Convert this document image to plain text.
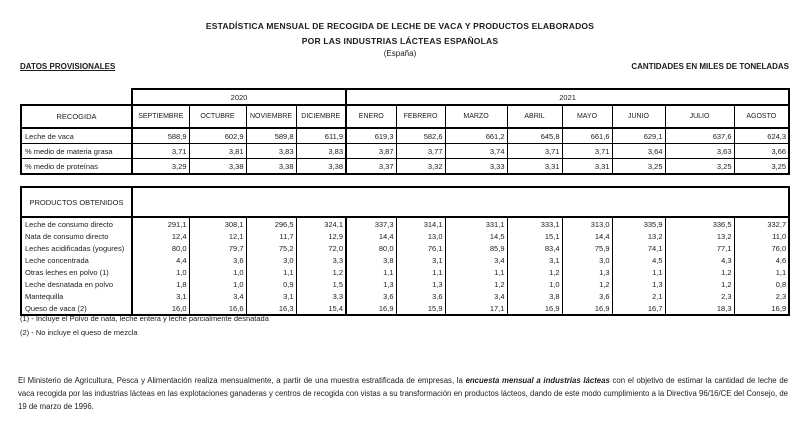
ESTADÍSTICA MENSUAL DE RECOGIDA DE LECHE DE VACA Y PRODUCTOS ELABORADOS
POR LAS INDUSTRIAS LÁCTEAS ESPAÑOLAS
(España)
DATOS PROVISIONALES	CANTIDADES EN MILES DE TONELADAS
	2020				2021							
RECOGIDA	SEPTIEMBRE	OCTUBRE	NOVIEMBRE	DICIEMBRE	ENERO	FEBRERO	MARZO	ABRIL	MAYO	JUNIO	JULIO	AGOSTO
Leche de vaca	588,9	602,9	589,8	611,9	619,3	582,6	661,2	645,8	661,6	629,1	637,6	624,3
% medio de materia grasa	3,71	3,81	3,83	3,83	3,87	3,77	3,74	3,71	3,71	3,64	3,63	3,66
% medio de proteínas	3,29	3,38	3,38	3,38	3,37	3,32	3,33	3,31	3,31	3,25	3,25	3,25
PRODUCTOS OBTENIDOS												
Leche de consumo directo	291,1	308,1	296,5	324,1	337,3	314,1	331,1	333,1	313,0	335,9	336,5	332,7
Nata de consumo directo	12,4	12,1	11,7	12,9	14,4	13,0	14,5	15,1	14,4	13,2	13,2	11,0
Leches acidificadas (yogures)	80,0	79,7	75,2	72,0	80,0	76,1	85,9	83,4	75,9	74,1	77,1	76,0
Leche concentrada	4,4	3,6	3,0	3,3	3,8	3,1	3,4	3,1	3,0	4,5	4,3	4,6
Otras leches en polvo (1)	1,0	1,0	1,1	1,2	1,1	1,1	1,1	1,2	1,3	1,1	1,2	1,1
Leche desnatada en polvo	1,8	1,0	0,9	1,5	1,3	1,3	1,2	1,0	1,2	1,3	1,2	0,8
Mantequilla	3,1	3,4	3,1	3,3	3,6	3,6	3,4	3,8	3,6	2,1	2,3	2,3
Queso de vaca (2)	16,0	16,6	16,3	15,4	16,9	15,9	17,1	16,9	16,9	16,7	18,3	16,9
(1) - Incluye el Polvo de nata, leche entera y leche parcialmente desnatada
(2) - No incluye el queso de mezcla

El Ministerio de Agricultura, Pesca y Alimentación realiza mensualmente, a partir de una muestra estratificada de empresas, la encuesta mensual a industrias lácteas con el objetivo de estimar la cantidad de leche de vaca recogida por las industrias lácteas en las explotaciones ganaderas y centros de recogida con vistas a su transformación en productos lácteos, dando de este modo cumplimiento a la Directiva 96/16/CE del Consejo, de 19 de marzo de 1996.
